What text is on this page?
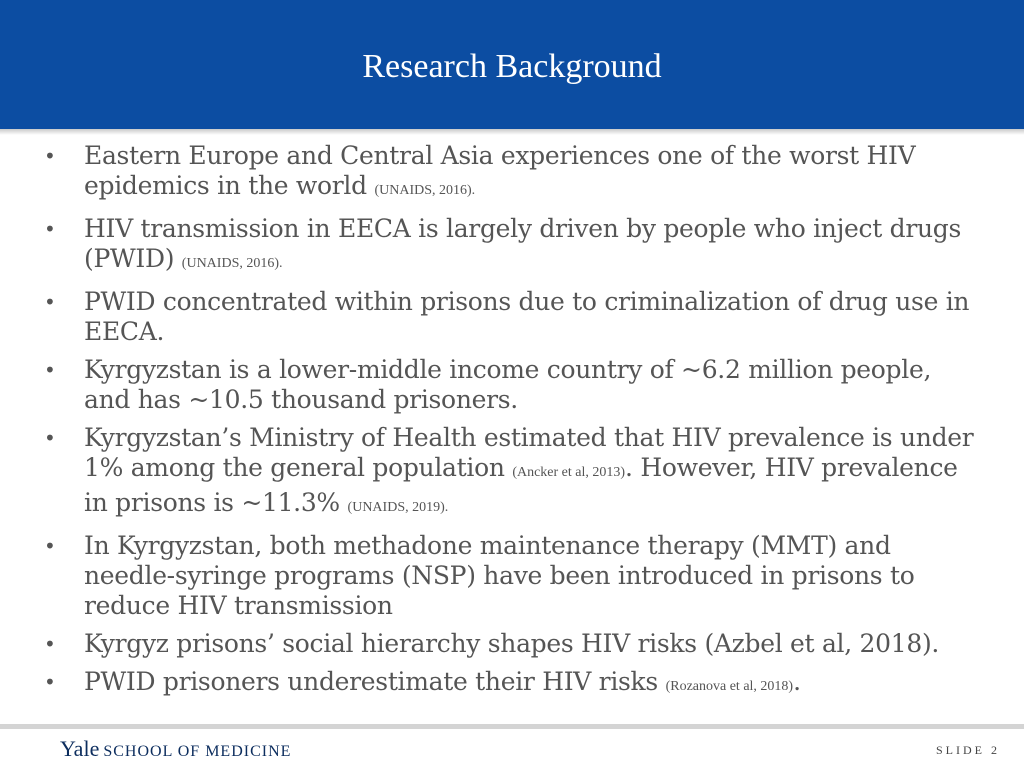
Research Background
• Eastern Europe and Central Asia experiences one of the worst HIV epidemics in the world (UNAIDS, 2016).
• HIV transmission in EECA is largely driven by people who inject drugs (PWID) (UNAIDS, 2016).
• PWID concentrated within prisons due to criminalization of drug use in EECA.
• Kyrgyzstan is a lower-middle income country of ~6.2 million people, and has ~10.5 thousand prisoners.
• Kyrgyzstan’s Ministry of Health estimated that HIV prevalence is under 1% among the general population (Ancker et al, 2013). However, HIV prevalence in prisons is ~11.3% (UNAIDS, 2019).
• In Kyrgyzstan, both methadone maintenance therapy (MMT) and needle-syringe programs (NSP) have been introduced in prisons to reduce HIV transmission
• Kyrgyz prisons’ social hierarchy shapes HIV risks (Azbel et al, 2018).
• PWID prisoners underestimate their HIV risks (Rozanova et al, 2018).
Yale SCHOOL OF MEDICINE	SLIDE 2
